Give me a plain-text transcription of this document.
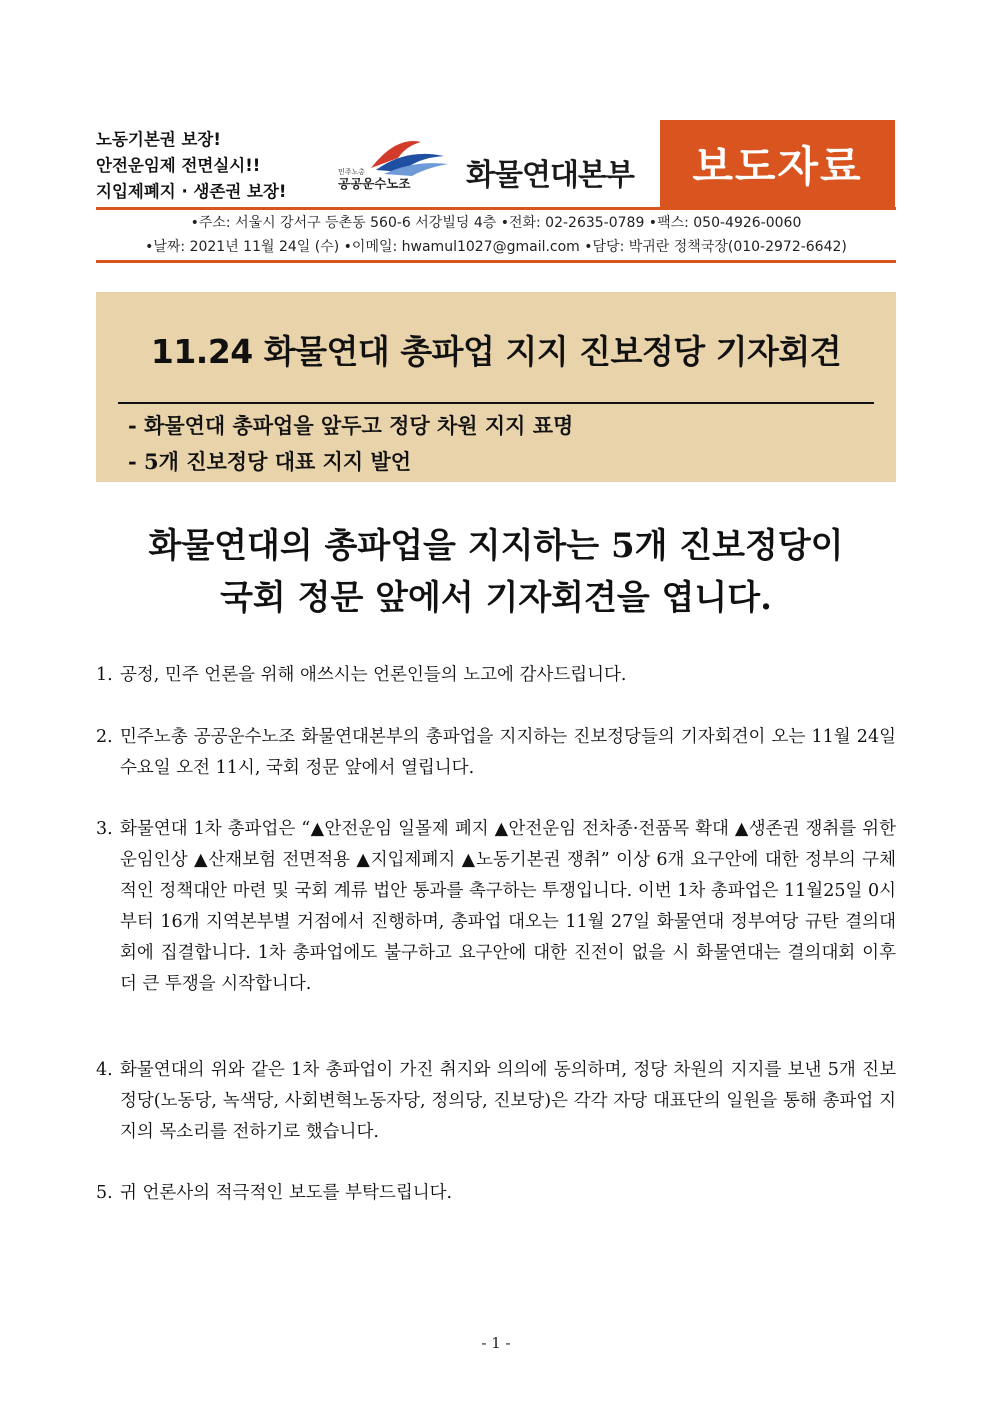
노동기본권 보장!
안전운임제 전면실시!!
지입제폐지 · 생존권 보장!
민주노총
공공운수노조 화물연대본부	보도자료
•주소: 서울시 강서구 등촌동 560-6 서강빌딩 4층 •전화: 02-2635-0789 •팩스: 050-4926-0060
•날짜: 2021년 11월 24일 (수) •이메일: hwamul1027@gmail.com •담당: 박귀란 정책국장(010-2972-6642)
11.24 화물연대 총파업 지지 진보정당 기자회견
- 화물연대 총파업을 앞두고 정당 차원 지지 표명
- 5개 진보정당 대표 지지 발언
화물연대의 총파업을 지지하는 5개 진보정당이
국회 정문 앞에서 기자회견을 엽니다.
1. 공정, 민주 언론을 위해 애쓰시는 언론인들의 노고에 감사드립니다.
2. 민주노총 공공운수노조 화물연대본부의 총파업을 지지하는 진보정당들의 기자회견이 오는 11월 24일 수요일 오전 11시, 국회 정문 앞에서 열립니다.
3. 화물연대 1차 총파업은 “▲안전운임 일몰제 폐지 ▲안전운임 전차종·전품목 확대 ▲생존권 쟁취를 위한 운임인상 ▲산재보험 전면적용 ▲지입제폐지 ▲노동기본권 쟁취” 이상 6개 요구안에 대한 정부의 구체적인 정책대안 마련 및 국회 계류 법안 통과를 촉구하는 투쟁입니다. 이번 1차 총파업은 11월25일 0시부터 16개 지역본부별 거점에서 진행하며, 총파업 대오는 11월 27일 화물연대 정부여당 규탄 결의대회에 집결합니다. 1차 총파업에도 불구하고 요구안에 대한 진전이 없을 시 화물연대는 결의대회 이후 더 큰 투쟁을 시작합니다.
4. 화물연대의 위와 같은 1차 총파업이 가진 취지와 의의에 동의하며, 정당 차원의 지지를 보낸 5개 진보정당(노동당, 녹색당, 사회변혁노동자당, 정의당, 진보당)은 각각 자당 대표단의 일원을 통해 총파업 지지의 목소리를 전하기로 했습니다.
5. 귀 언론사의 적극적인 보도를 부탁드립니다.
- 1 -
